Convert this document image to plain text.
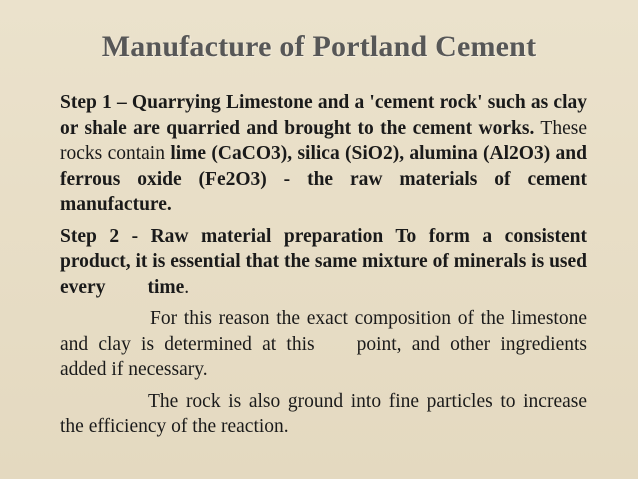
Manufacture of Portland Cement

Step 1 – Quarrying Limestone and a 'cement rock' such as clay or shale are quarried and brought to the cement works. These rocks contain lime (CaCO3), silica (SiO2), alumina (Al2O3) and ferrous oxide (Fe2O3) - the raw materials of cement manufacture.

Step 2 - Raw material preparation To form a consistent product, it is essential that the same mixture of minerals is used every time.

For this reason the exact composition of the limestone and clay is determined at this point, and other ingredients added if necessary.

The rock is also ground into fine particles to increase the efficiency of the reaction.
